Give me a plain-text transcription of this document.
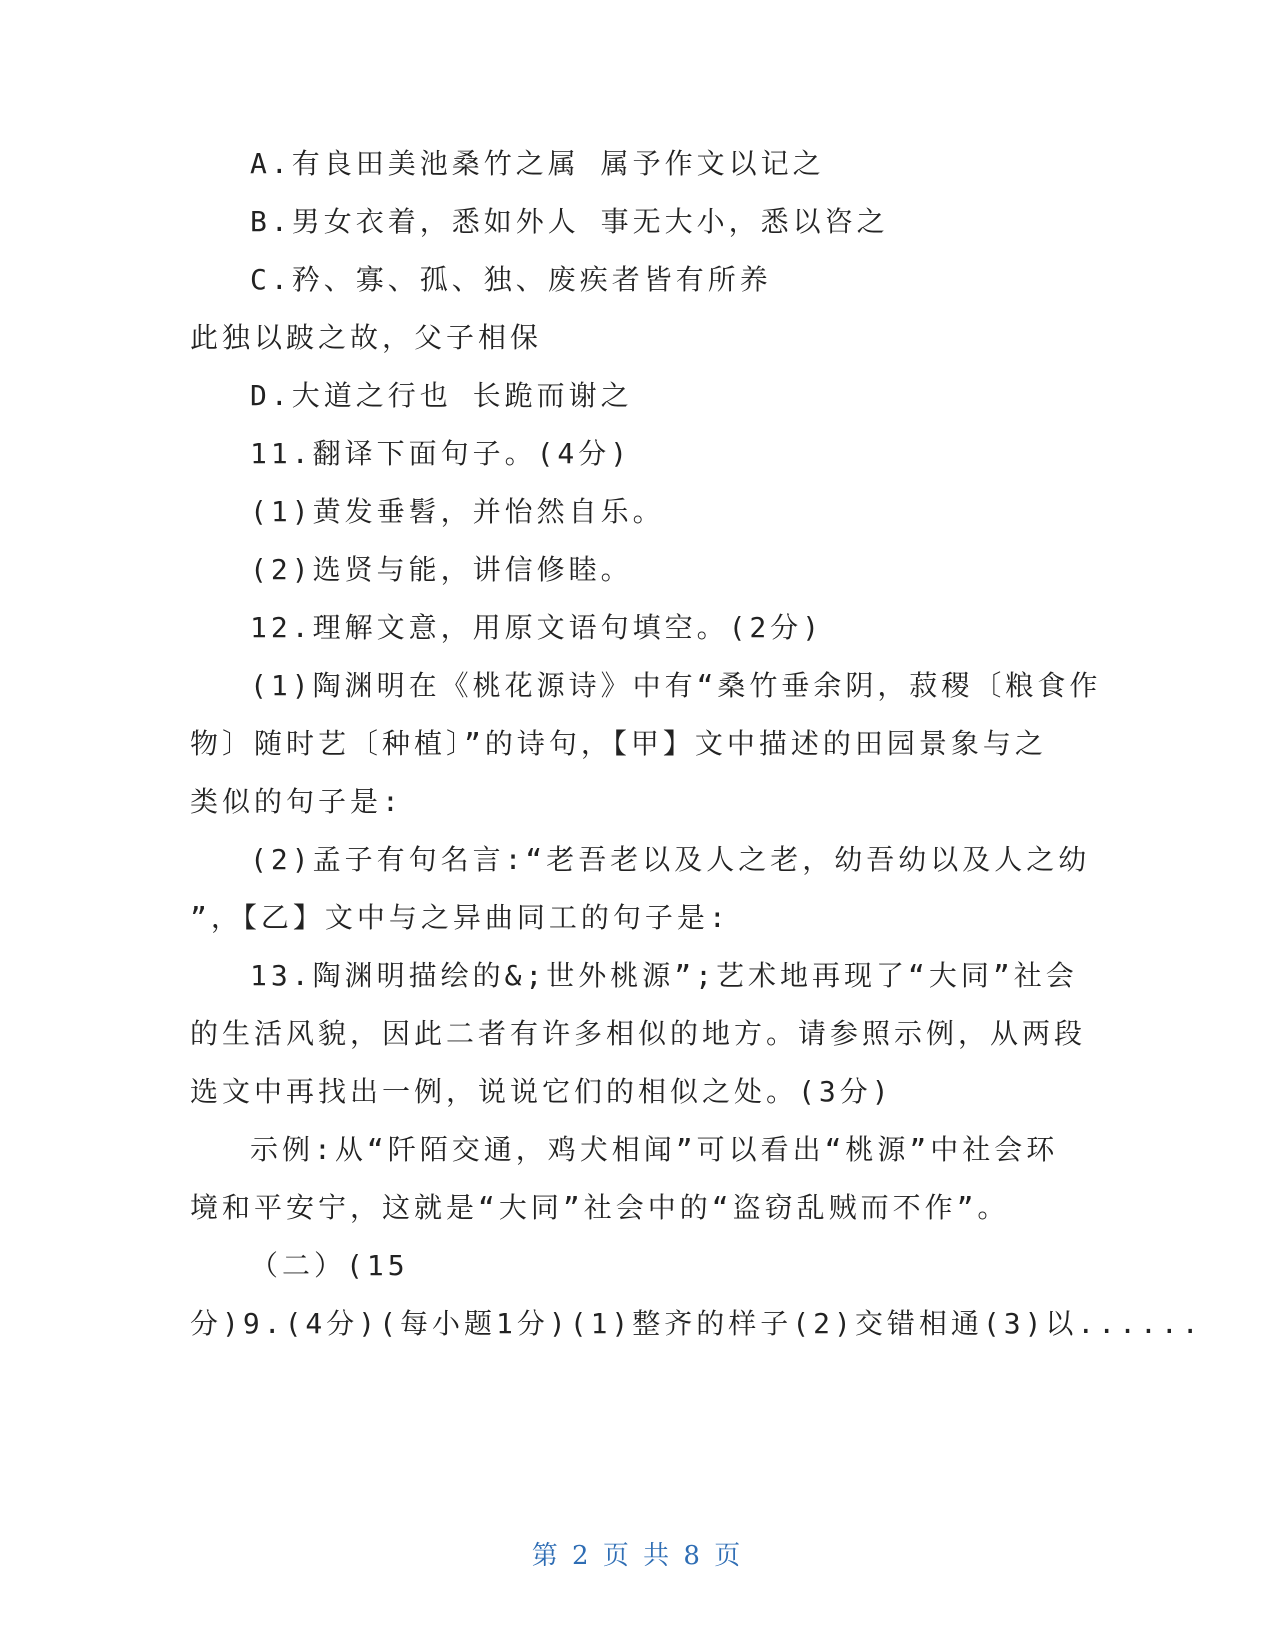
A.有良田美池桑竹之属 属予作文以记之
B.男女衣着，悉如外人 事无大小，悉以咨之
C.矜、寡、孤、独、废疾者皆有所养
此独以跛之故，父子相保
D.大道之行也 长跪而谢之
11.翻译下面句子。(4分)
(1)黄发垂髫，并怡然自乐。
(2)选贤与能，讲信修睦。
12.理解文意，用原文语句填空。(2分)
(1)陶渊明在《桃花源诗》中有“桑竹垂余阴，菽稷〔粮食作
物〕随时艺〔种植〕”的诗句，【甲】文中描述的田园景象与之
类似的句子是:
(2)孟子有句名言:“老吾老以及人之老，幼吾幼以及人之幼
”，【乙】文中与之异曲同工的句子是:
13.陶渊明描绘的&;世外桃源”;艺术地再现了“大同”社会
的生活风貌，因此二者有许多相似的地方。请参照示例，从两段
选文中再找出一例，说说它们的相似之处。(3分)
示例:从“阡陌交通，鸡犬相闻”可以看出“桃源”中社会环
境和平安宁，这就是“大同”社会中的“盗窃乱贼而不作”。
（二）(15
分)9.(4分)(每小题1分)(1)整齐的样子(2)交错相通(3)以......
第 2 页 共 8 页
